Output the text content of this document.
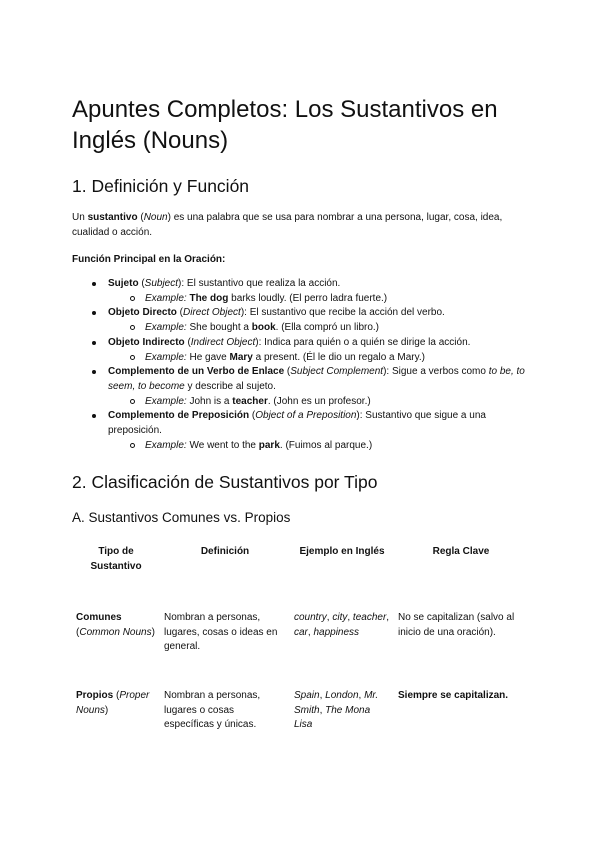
Apuntes Completos: Los Sustantivos en Inglés (Nouns)
1. Definición y Función

Un sustantivo (Noun) es una palabra que se usa para nombrar a una persona, lugar, cosa, idea, cualidad o acción.

Función Principal en la Oración:

Sujeto (Subject): El sustantivo que realiza la acción.
Example: The dog barks loudly. (El perro ladra fuerte.)
Objeto Directo (Direct Object): El sustantivo que recibe la acción del verbo.
Example: She bought a book. (Ella compró un libro.)
Objeto Indirecto (Indirect Object): Indica para quién o a quién se dirige la acción.
Example: He gave Mary a present. (Él le dio un regalo a Mary.)
Complemento de un Verbo de Enlace (Subject Complement): Sigue a verbos como to be, to seem, to become y describe al sujeto.
Example: John is a teacher. (John es un profesor.)
Complemento de Preposición (Object of a Preposition): Sustantivo que sigue a una preposición.
Example: We went to the park. (Fuimos al parque.)
2. Clasificación de Sustantivos por Tipo
A. Sustantivos Comunes vs. Propios
Tipo de Sustantivo	Definición	Ejemplo en Inglés	Regla Clave
Comunes (Common Nouns)	Nombran a personas, lugares, cosas o ideas en general.	country, city, teacher, car, happiness	No se capitalizan (salvo al inicio de una oración).
Propios (Proper Nouns)	Nombran a personas, lugares o cosas específicas y únicas.	Spain, London, Mr. Smith, The Mona Lisa	Siempre se capitalizan.
